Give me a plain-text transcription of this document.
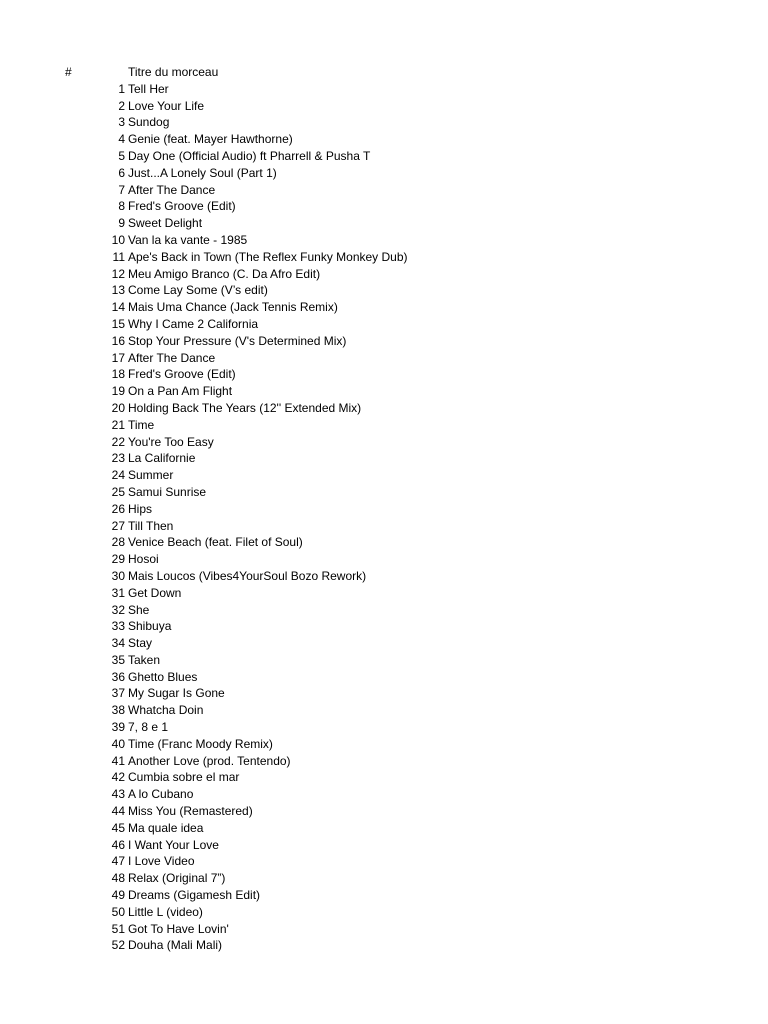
#	Titre du morceau
1 Tell Her
2 Love Your Life
3 Sundog
4 Genie (feat. Mayer Hawthorne)
5 Day One (Official Audio) ft Pharrell & Pusha T
6 Just...A Lonely Soul (Part 1)
7 After The Dance
8 Fred's Groove (Edit)
9 Sweet Delight
10 Van la ka vante - 1985
11 Ape's Back in Town (The Reflex Funky Monkey Dub)
12 Meu Amigo Branco (C. Da Afro Edit)
13 Come Lay Some (V’s edit)
14 Mais Uma Chance (Jack Tennis Remix)
15 Why I Came 2 California
16 Stop Your Pressure (V's Determined Mix)
17 After The Dance
18 Fred's Groove (Edit)
19 On a Pan Am Flight
20 Holding Back The Years (12'' Extended Mix)
21 Time
22 You're Too Easy
23 La Californie
24 Summer
25 Samui Sunrise
26 Hips
27 Till Then
28 Venice Beach (feat. Filet of Soul)
29 Hosoi
30 Mais Loucos (Vibes4YourSoul Bozo Rework)
31 Get Down
32 She
33 Shibuya
34 Stay
35 Taken
36 Ghetto Blues
37 My Sugar Is Gone
38 Whatcha Doin
39 7, 8 e 1
40 Time (Franc Moody Remix)
41 Another Love (prod. Tentendo)
42 Cumbia sobre el mar
43 A lo Cubano
44 Miss You (Remastered)
45 Ma quale idea
46 I Want Your Love
47 I Love Video
48 Relax (Original 7”)
49 Dreams (Gigamesh Edit)
50 Little L (video)
51 Got To Have Lovin'
52 Douha (Mali Mali)
